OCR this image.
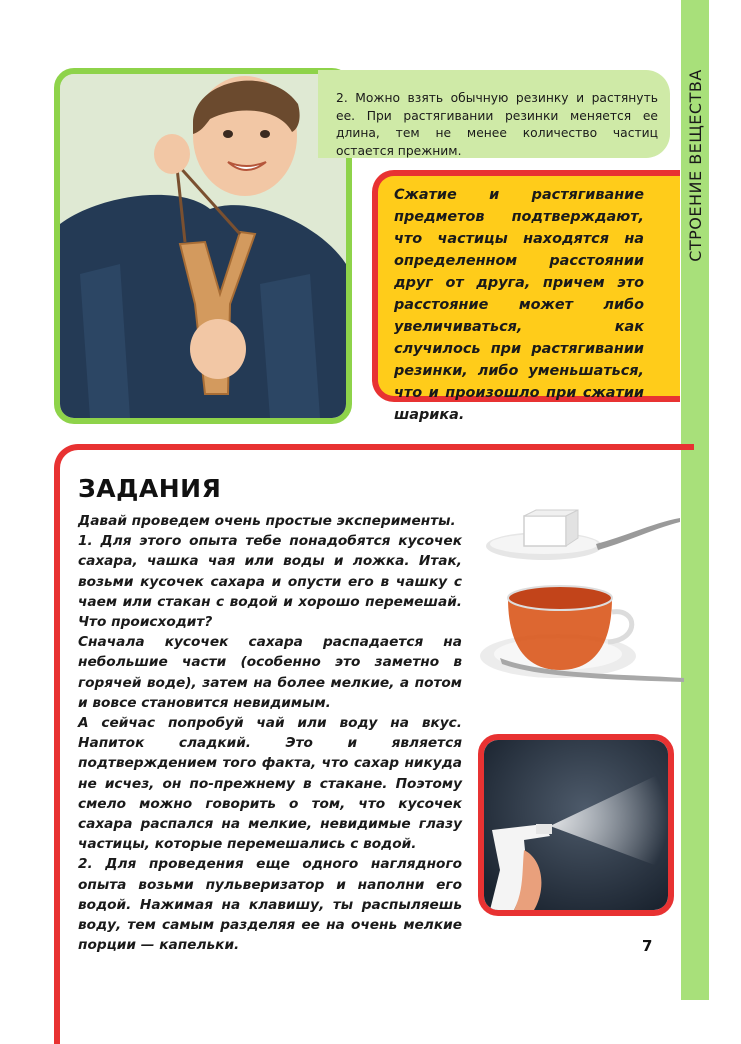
СТРОЕНИЕ ВЕЩЕСТВА
2. Можно взять обычную резинку и растянуть ее. При растягивании резинки меняется ее длина, тем не менее количество частиц остается прежним.
Сжатие и растягивание предметов подтверждают, что частицы находятся на определенном расстоянии друг от друга, причем это расстояние может либо увеличиваться, как случилось при растягивании резинки, либо уменьшаться, что и произошло при сжатии шарика.
ЗАДАНИЯ

Давай проведем очень простые эксперименты.

1. Для этого опыта тебе понадобятся кусочек сахара, чашка чая или воды и ложка. Итак, возьми кусочек сахара и опусти его в чашку с чаем или стакан с водой и хорошо перемешай. Что происходит?

Сначала кусочек сахара распадается на небольшие части (особенно это заметно в горячей воде), затем на более мелкие, а потом и вовсе становится невидимым.

А сейчас попробуй чай или воду на вкус. Напиток сладкий. Это и является подтверждением того факта, что сахар никуда не исчез, он по-прежнему в стакане. Поэтому смело можно говорить о том, что кусочек сахара распался на мелкие, невидимые глазу частицы, которые перемешались с водой.

2. Для проведения еще одного наглядного опыта возьми пульверизатор и наполни его водой. Нажимая на клавишу, ты распыляешь воду, тем самым разделяя ее на очень мелкие порции — капельки.	7
